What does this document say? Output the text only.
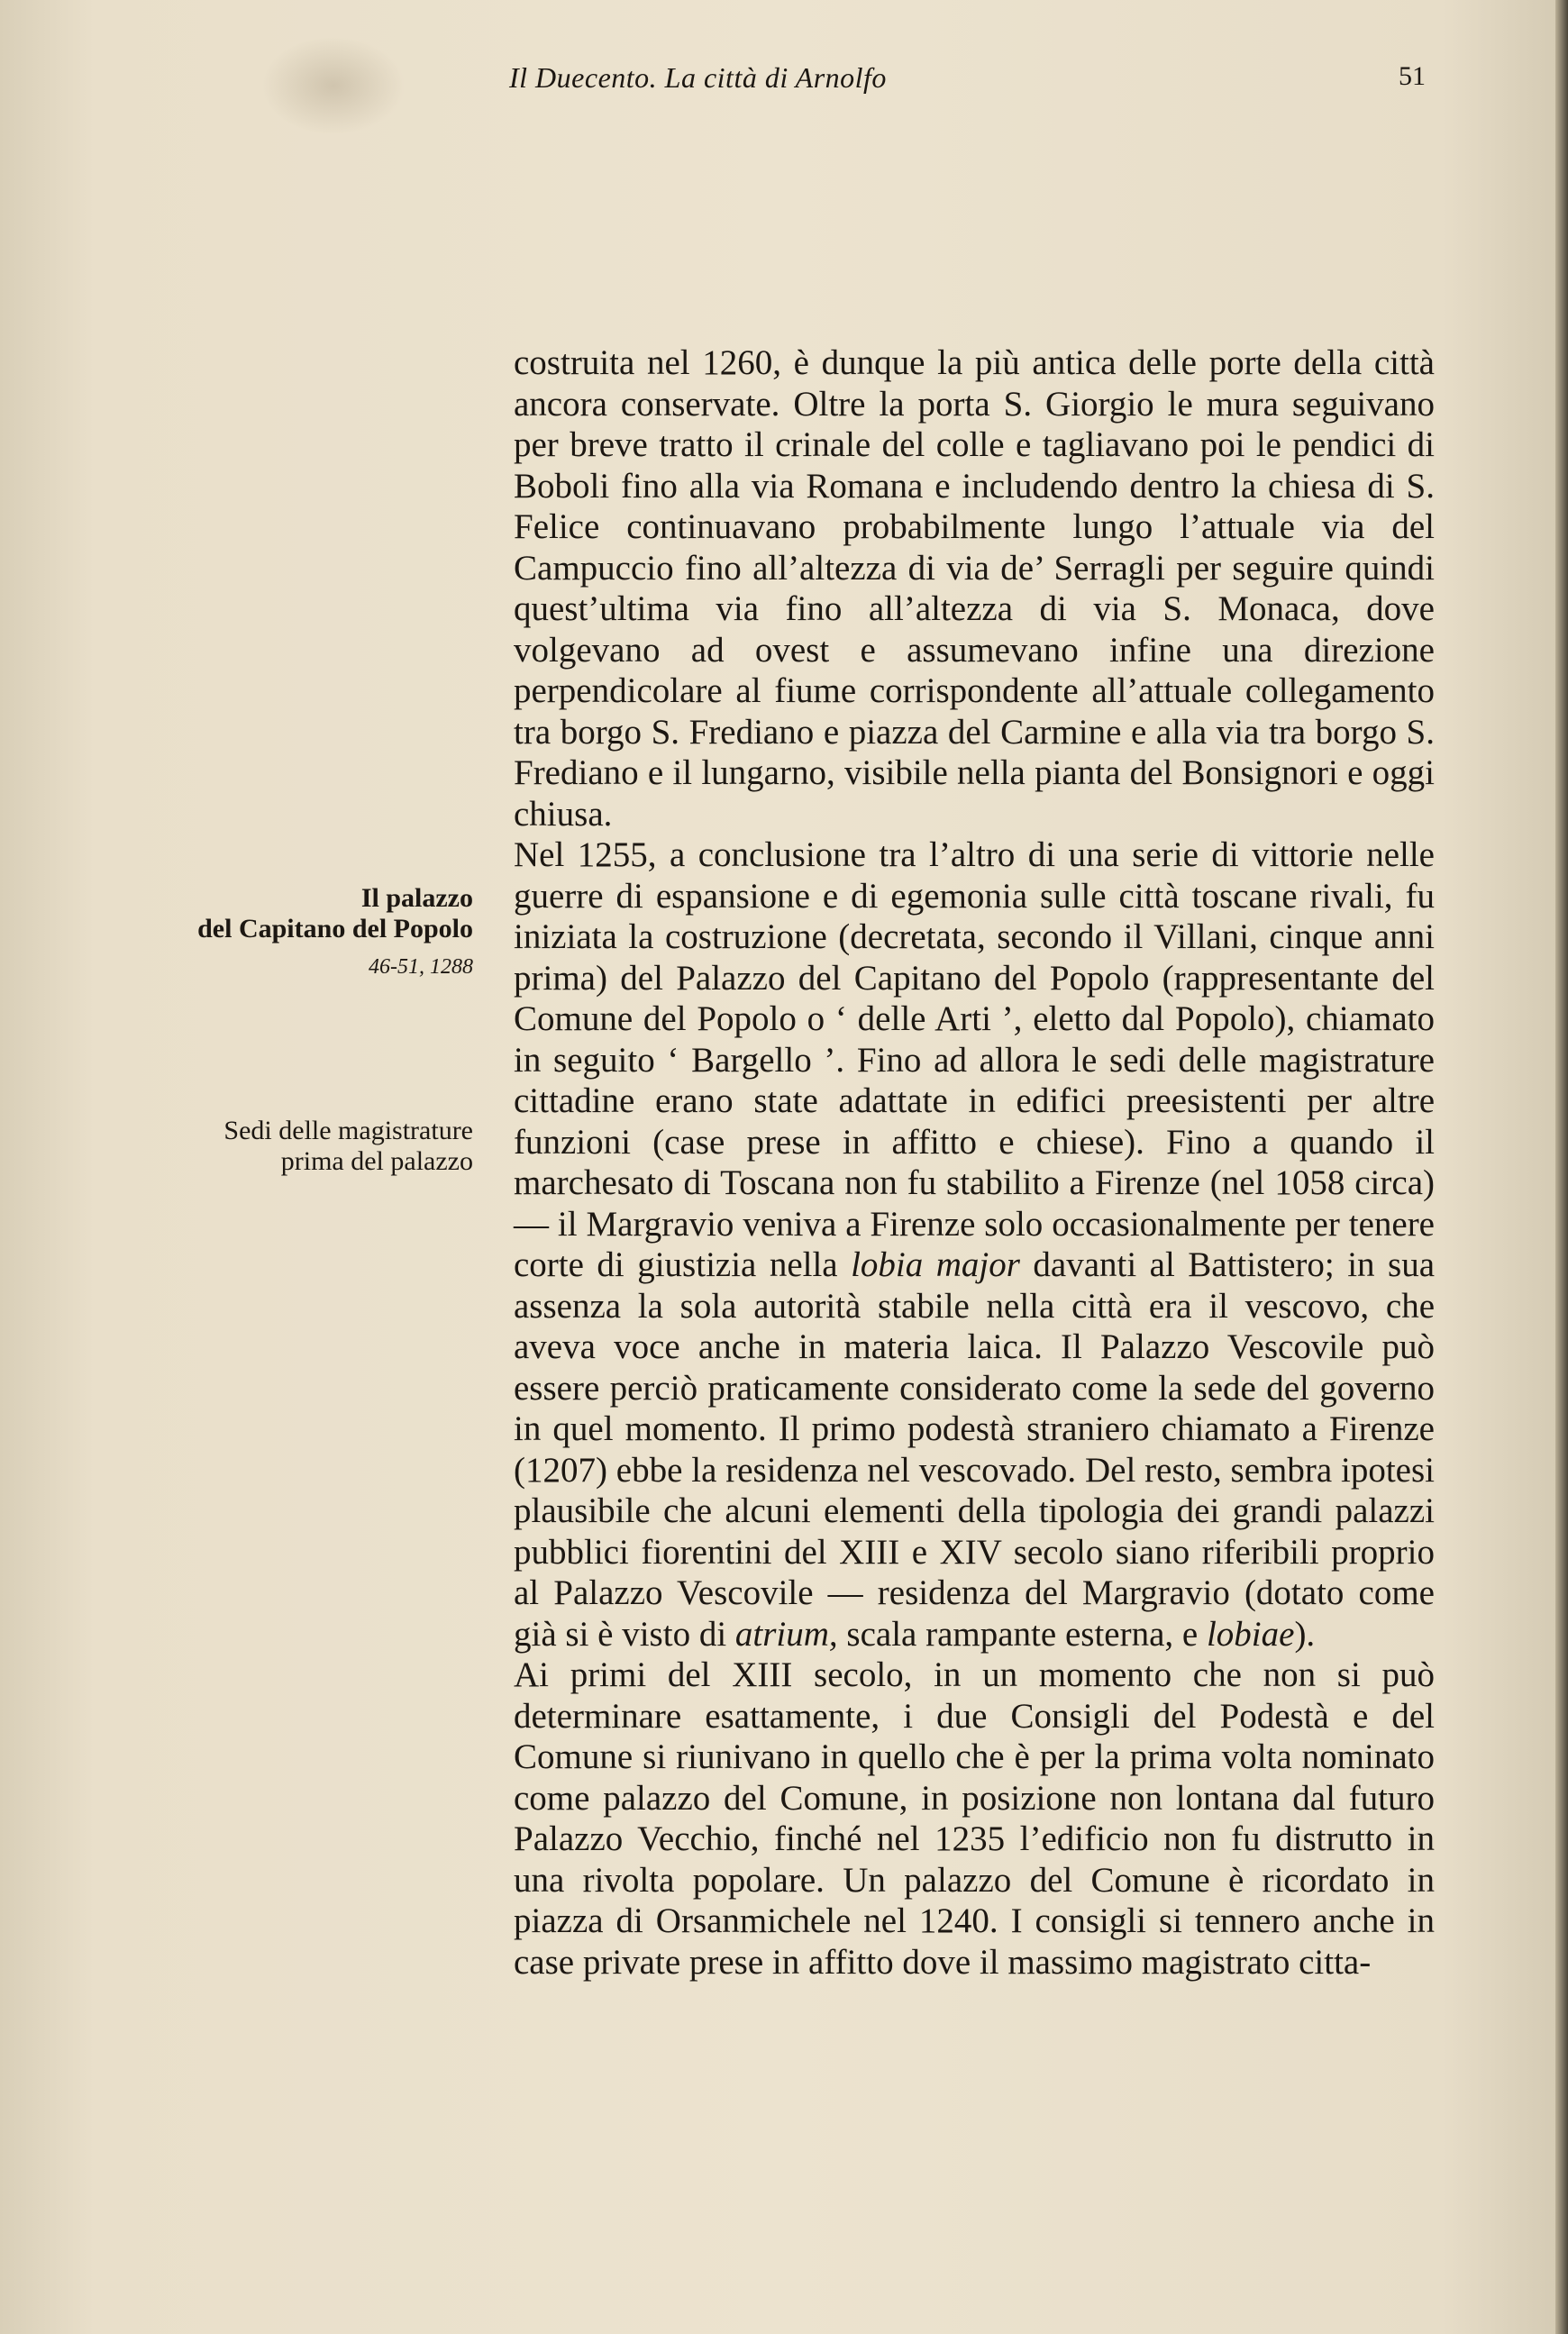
Il Duecento. La città di Arnolfo	51
Il palazzo
del Capitano del Popolo
46-51, 1288
Sedi delle magistrature
prima del palazzo

costruita nel 1260, è dunque la più antica delle porte della città ancora conservate. Oltre la porta S. Giorgio le mura seguivano per breve tratto il crinale del colle e tagliavano poi le pendici di Boboli fino alla via Romana e includendo dentro la chiesa di S. Felice continuavano probabilmente lungo l’attuale via del Campuccio fino all’altezza di via de’ Serragli per seguire quindi quest’ultima via fino all’altezza di via S. Monaca, dove volgevano ad ovest e assumevano infine una direzione perpendicolare al fiume corrispondente all’attuale collegamento tra borgo S. Frediano e piazza del Carmine e alla via tra borgo S. Frediano e il lungarno, visibile nella pianta del Bonsignori e oggi chiusa.

Nel 1255, a conclusione tra l’altro di una serie di vittorie nelle guerre di espansione e di egemonia sulle città toscane rivali, fu iniziata la costruzione (decretata, secondo il Villani, cinque anni prima) del Palazzo del Capitano del Popolo (rappresentante del Comune del Popolo o ‘ delle Arti ’, eletto dal Popolo), chiamato in seguito ‘ Bargello ’. Fino ad allora le sedi delle magistrature cittadine erano state adattate in edifici preesistenti per altre funzioni (case prese in affitto e chiese). Fino a quando il marchesato di Toscana non fu stabilito a Firenze (nel 1058 circa) — il Margravio veniva a Firenze solo occasionalmente per tenere corte di giustizia nella lobia major davanti al Battistero; in sua assenza la sola autorità stabile nella città era il vescovo, che aveva voce anche in materia laica. Il Palazzo Vescovile può essere perciò praticamente considerato come la sede del governo in quel momento. Il primo podestà straniero chiamato a Firenze (1207) ebbe la residenza nel vescovado. Del resto, sembra ipotesi plausibile che alcuni elementi della tipologia dei grandi palazzi pubblici fiorentini del XIII e XIV secolo siano riferibili proprio al Palazzo Vescovile — residenza del Margravio (dotato come già si è visto di atrium, scala rampante esterna, e lobiae).

Ai primi del XIII secolo, in un momento che non si può determinare esattamente, i due Consigli del Podestà e del Comune si riunivano in quello che è per la prima volta nominato come palazzo del Comune, in posizione non lontana dal futuro Palazzo Vecchio, finché nel 1235 l’edificio non fu distrutto in una rivolta popolare. Un palazzo del Comune è ricordato in piazza di Orsanmichele nel 1240. I consigli si tennero anche in case private prese in affitto dove il massimo magistrato citta-
